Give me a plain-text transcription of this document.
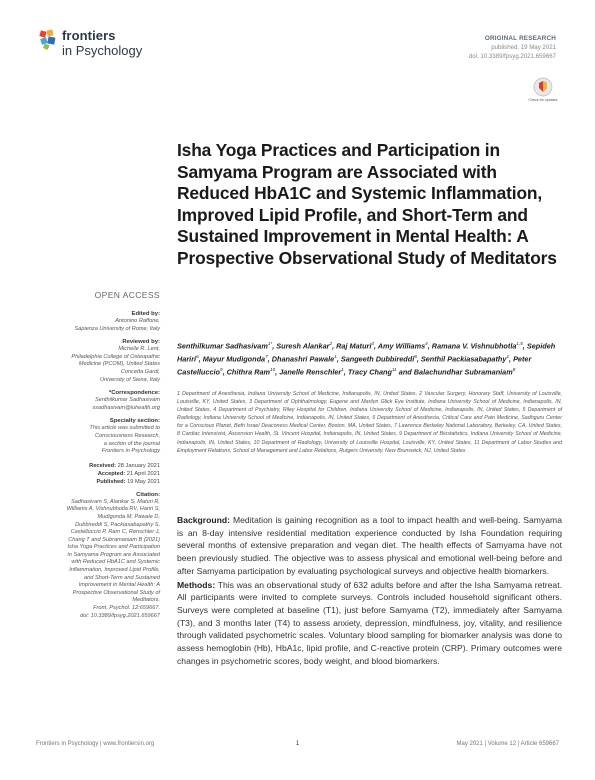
frontiers
in Psychology
ORIGINAL RESEARCH
published: 19 May 2021
doi: 10.3389/fpsyg.2021.659667
Check for updates
Isha Yoga Practices and Participation in Samyama Program are Associated with Reduced HbA1C and Systemic Inflammation, Improved Lipid Profile, and Short-Term and Sustained Improvement in Mental Health: A Prospective Observational Study of Meditators
OPEN ACCESS
Edited by:
Antonino Raffone,
Sapienza University of Rome, Italy
Reviewed by:
Michelle R. Lent,
Philadelphia College of Osteopathic
Medicine (PCOM), United States
Concetta Gardi,
University of Siena, Italy
*Correspondence:
Senthilkumar Sadhasivam
ssadhasivam@iuhealth.org
Specialty section:
This article was submitted to
Consciousness Research,
a section of the journal
Frontiers in Psychology
Received: 28 January 2021
Accepted: 21 April 2021
Published: 19 May 2021
Citation:
Sadhasivam S, Alankar S, Maturi R,
Williams A, Vishnubhotla RV, Hariri S,
Mudigonda M, Pawale D,
Dubbireddi S, Packiasabapathy S,
Castelluccio P, Ram C, Renschler J,
Chang T and Subramaniam B (2021)
Isha Yoga Practices and Participation
in Samyama Program are Associated
with Reduced HbA1C and Systemic
Inflammation, Improved Lipid Profile,
and Short-Term and Sustained
Improvement in Mental Health: A
Prospective Observational Study of
Meditators.
Front. Psychol. 12:659667.
doi: 10.3389/fpsyg.2021.659667
Senthilkumar Sadhasivam$^{1*}$, Suresh Alankar$^2$, Raj Maturi$^3$, Amy Williams$^4$, Ramana V. Vishnubhotla$^{1,5}$, Sepideh Hariri$^6$, Mayur Mudigonda$^7$, Dhanashri Pawale$^1$, Sangeeth Dubbireddi$^8$, Senthil Packiasabapathy$^1$, Peter Castelluccio$^9$, Chithra Ram$^{10}$, Janelle Renschler$^1$, Tracy Chang$^{11}$ and Balachundhar Subramaniam$^8$
1 Department of Anesthesia, Indiana University School of Medicine, Indianapolis, IN, United States, 2 Vascular Surgery, Honorary Staff, University of Louisville, Louisville, KY, United States, 3 Department of Ophthalmology, Eugene and Marilyn Glick Eye Institute, Indiana University School of Medicine, Indianapolis, IN, United States, 4 Department of Psychiatry, Riley Hospital for Children, Indiana University School of Medicine, Indianapolis, IN, United States, 5 Department of Radiology, Indiana University School of Medicine, Indianapolis, IN, United States, 6 Department of Anesthesia, Critical Care and Pain Medicine, Sadhguru Center for a Conscious Planet, Beth Israel Deaconess Medical Center, Boston, MA, United States, 7 Lawrence Berkeley National Laboratory, Berkeley, CA, United States, 8 Cardiac Intensivist, Ascension Health, St. Vincent Hospital, Indianapolis, IN, United States, 9 Department of Biostatistics, Indiana University School of Medicine, Indianapolis, IN, United States, 10 Department of Radiology, University of Louisville Hospital, Louisville, KY, United States, 11 Department of Labor Studies and Employment Relations, School of Management and Labor Relations, Rutgers University, New Brunswick, NJ, United States

Background: Meditation is gaining recognition as a tool to impact health and well-being. Samyama is an 8-day intensive residential meditation experience conducted by Isha Foundation requiring several months of extensive preparation and vegan diet. The health effects of Samyama have not been previously studied. The objective was to assess physical and emotional well-being before and after Samyama participation by evaluating psychological surveys and objective health biomarkers.

Methods: This was an observational study of 632 adults before and after the Isha Samyama retreat. All participants were invited to complete surveys. Controls included household significant others. Surveys were completed at baseline (T1), just before Samyama (T2), immediately after Samyama (T3), and 3 months later (T4) to assess anxiety, depression, mindfulness, joy, vitality, and resilience through validated psychometric scales. Voluntary blood sampling for biomarker analysis was done to assess hemoglobin (Hb), HbA1c, lipid profile, and C-reactive protein (CRP). Primary outcomes were changes in psychometric scores, body weight, and blood biomarkers.

Frontiers in Psychology | www.frontiersin.org	1	May 2021 | Volume 12 | Article 659667
